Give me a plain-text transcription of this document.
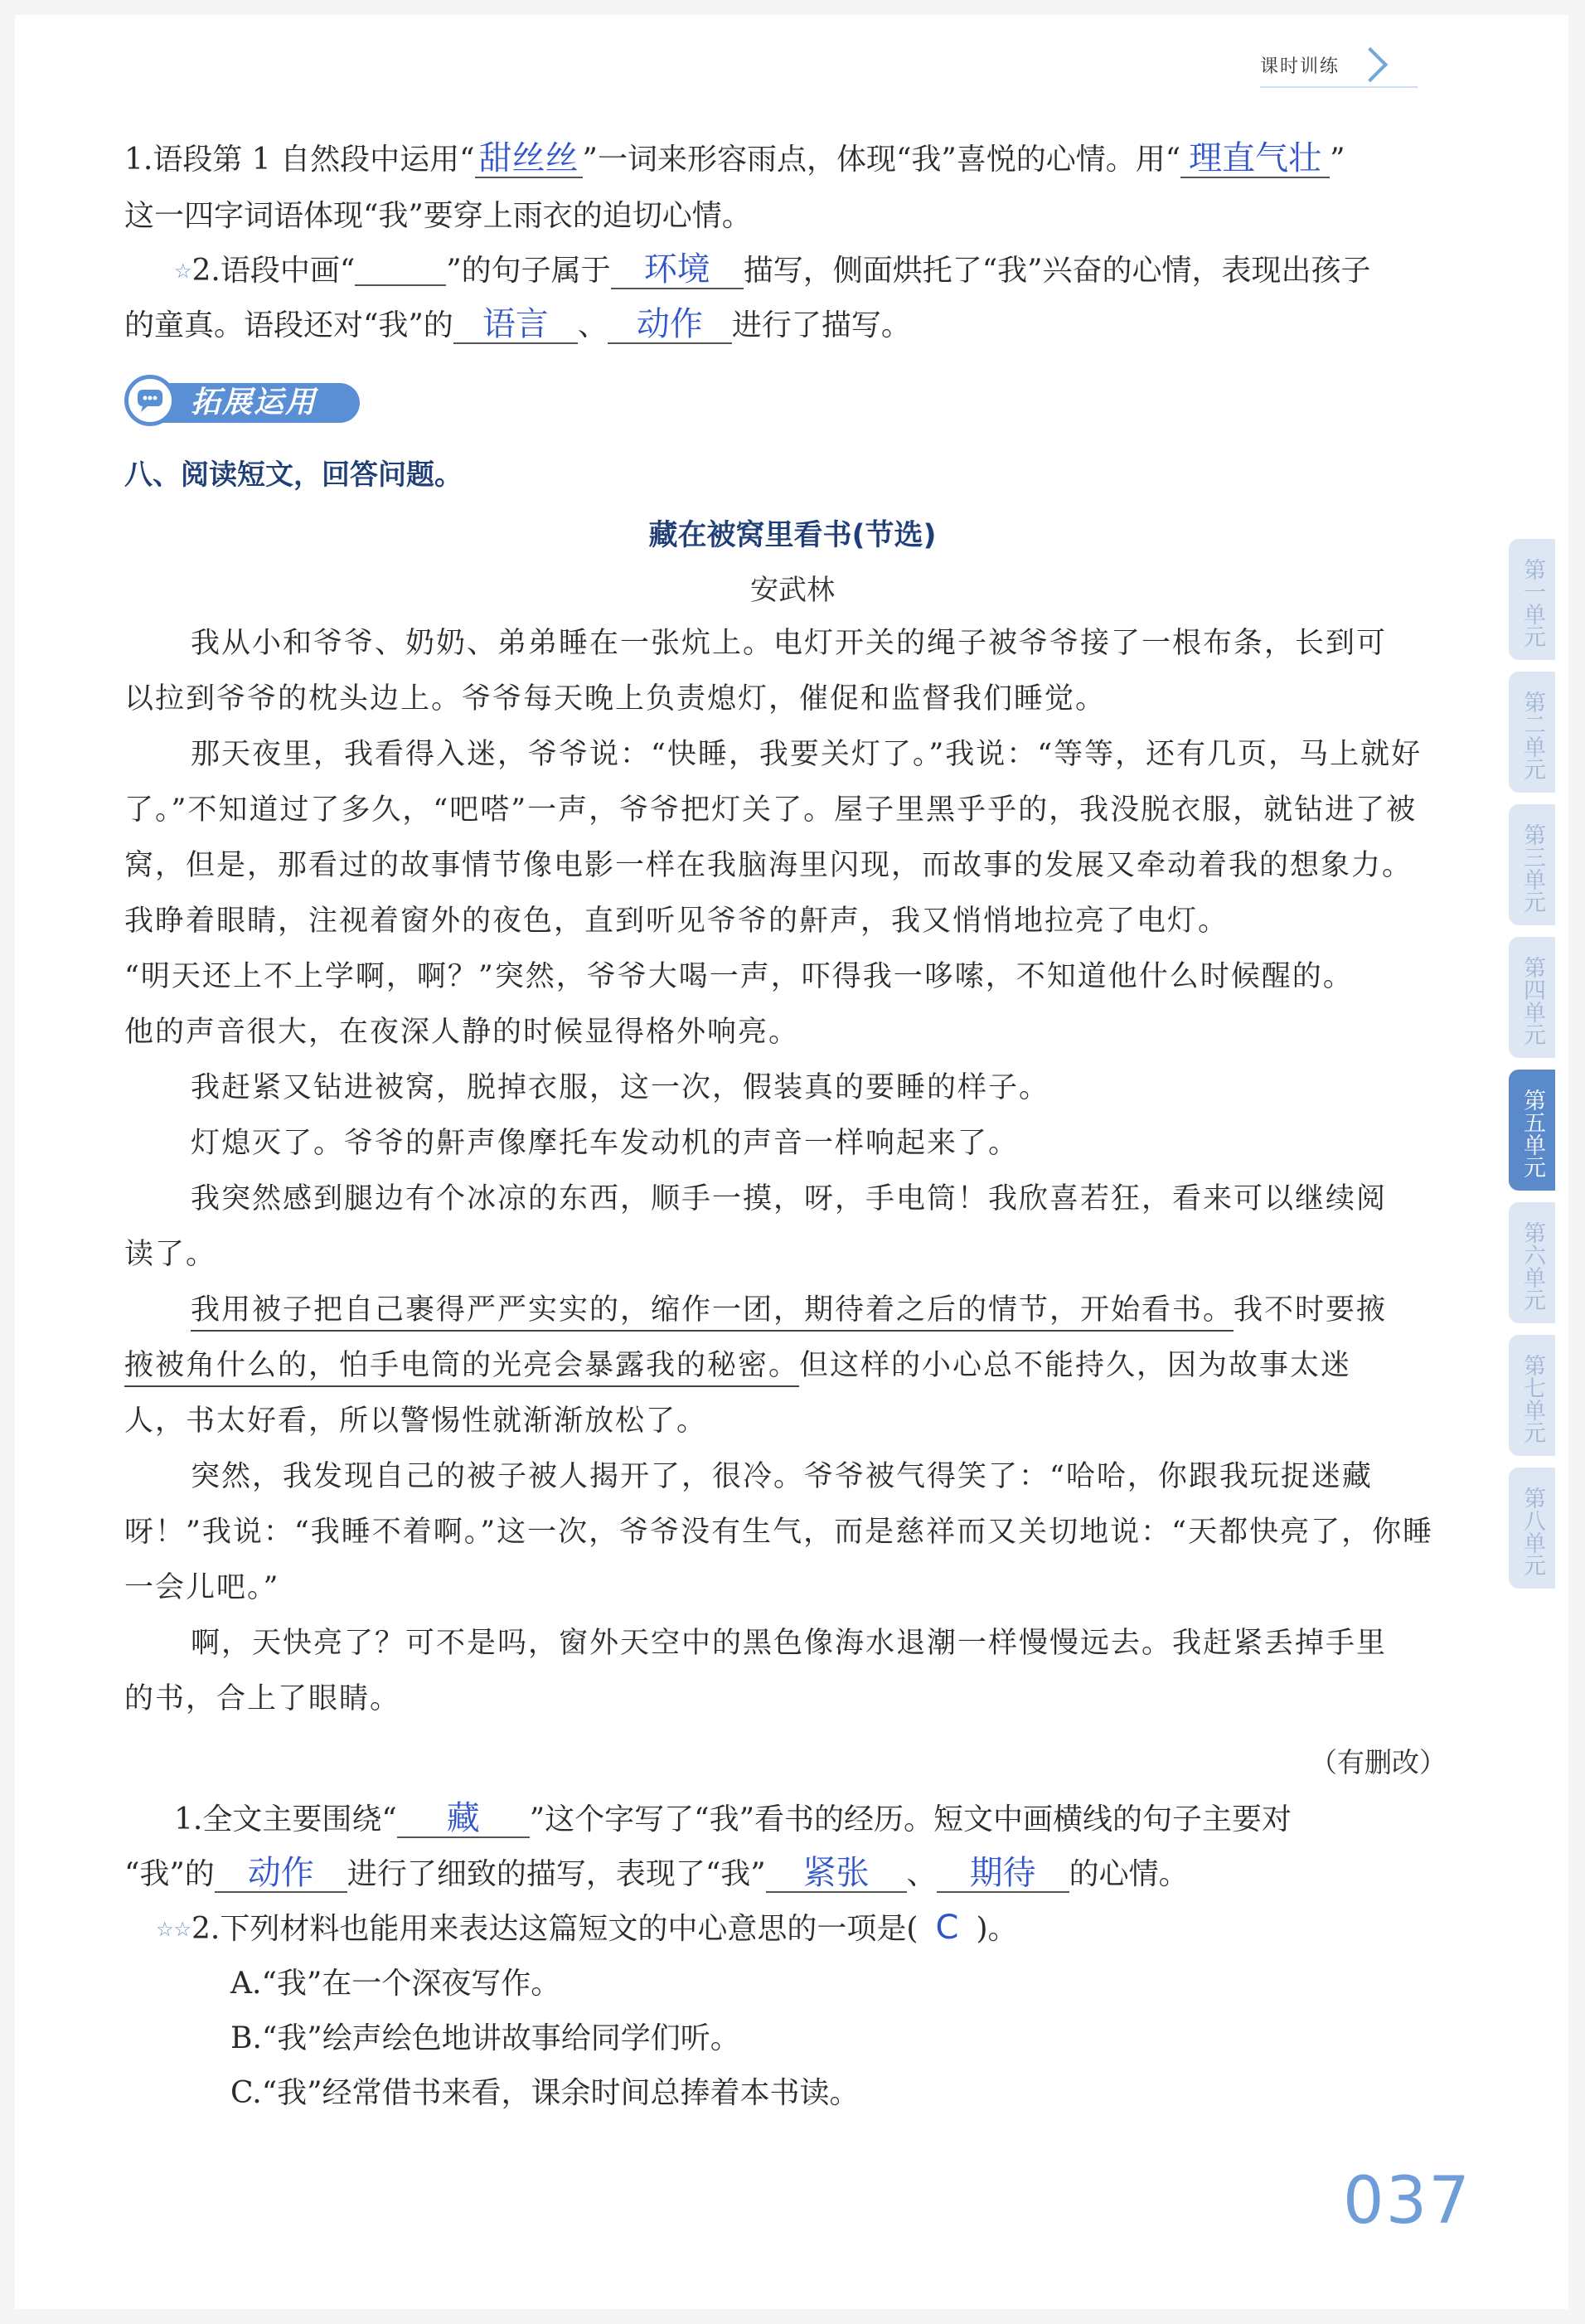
课时训练
1.语段第 1 自然段中运用“ 甜丝丝 ”一词来形容雨点，体现“我”喜悦的心情。用“ 理直气壮 ”
这一四字词语体现“我”要穿上雨衣的迫切心情。
☆2.语段中画“	”的句子属于 环境 描写，侧面烘托了“我”兴奋的心情，表现出孩子
的童真。语段还对“我”的 语言 、 动作 进行了描写。
拓展运用
八、阅读短文，回答问题。
藏在被窝里看书(节选)
安武林
我从小和爷爷、奶奶、弟弟睡在一张炕上。电灯开关的绳子被爷爷接了一根布条，长到可
以拉到爷爷的枕头边上。爷爷每天晚上负责熄灯，催促和监督我们睡觉。
那天夜里，我看得入迷，爷爷说：“快睡，我要关灯了。”我说：“等等，还有几页，马上就好
了。”不知道过了多久，“吧嗒”一声，爷爷把灯关了。屋子里黑乎乎的，我没脱衣服，就钻进了被
窝，但是，那看过的故事情节像电影一样在我脑海里闪现，而故事的发展又牵动着我的想象力。
我睁着眼睛，注视着窗外的夜色，直到听见爷爷的鼾声，我又悄悄地拉亮了电灯。
“明天还上不上学啊，啊？”突然，爷爷大喝一声，吓得我一哆嗦，不知道他什么时候醒的。
他的声音很大，在夜深人静的时候显得格外响亮。
我赶紧又钻进被窝，脱掉衣服，这一次，假装真的要睡的样子。
灯熄灭了。爷爷的鼾声像摩托车发动机的声音一样响起来了。
我突然感到腿边有个冰凉的东西，顺手一摸，呀，手电筒！我欣喜若狂，看来可以继续阅
读了。
我用被子把自己裹得严严实实的，缩作一团，期待着之后的情节，开始看书。我不时要掖
掖被角什么的，怕手电筒的光亮会暴露我的秘密。但这样的小心总不能持久，因为故事太迷
人，书太好看，所以警惕性就渐渐放松了。
突然，我发现自己的被子被人揭开了，很冷。爷爷被气得笑了：“哈哈，你跟我玩捉迷藏
呀！”我说：“我睡不着啊。”这一次，爷爷没有生气，而是慈祥而又关切地说：“天都快亮了，你睡
一会儿吧。”
啊，天快亮了？可不是吗，窗外天空中的黑色像海水退潮一样慢慢远去。我赶紧丢掉手里
的书，合上了眼睛。
（有删改）
1.全文主要围绕“ 藏 ”这个字写了“我”看书的经历。短文中画横线的句子主要对
“我”的 动作 进行了细致的描写，表现了“我” 紧张 、 期待 的心情。
☆☆2.下列材料也能用来表达这篇短文的中心意思的一项是( C )。
A.“我”在一个深夜写作。
B.“我”绘声绘色地讲故事给同学们听。
C.“我”经常借书来看，课余时间总捧着本书读。
第一单元
第二单元
第三单元
第四单元
第五单元
第六单元
第七单元
第八单元
037
